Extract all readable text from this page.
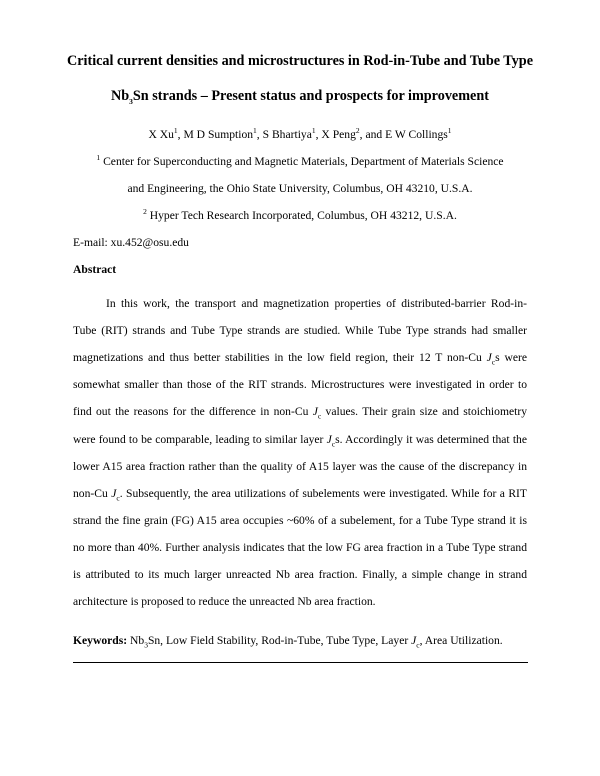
Critical current densities and microstructures in Rod-in-Tube and Tube Type
$Nb_3Sn$ strands – Present status and prospects for improvement
X Xu$^1$, M D Sumption$^1$, S Bhartiya$^1$, X Peng$^2$, and E W Collings$^1$
$^1$ Center for Superconducting and Magnetic Materials, Department of Materials Science
and Engineering, the Ohio State University, Columbus, OH 43210, U.S.A.
$^2$ Hyper Tech Research Incorporated, Columbus, OH 43212, U.S.A.
E-mail: xu.452@osu.edu
Abstract
In this work, the transport and magnetization properties of distributed-barrier Rod-in-
Tube (RIT) strands and Tube Type strands are studied. While Tube Type strands had smaller
magnetizations and thus better stabilities in the low field region, their 12 T non-Cu $J_cs$ were
somewhat smaller than those of the RIT strands. Microstructures were investigated in order to
find out the reasons for the difference in non-Cu $J_c$ values. Their grain size and stoichiometry
were found to be comparable, leading to similar layer $J_cs$. Accordingly it was determined that the
lower A15 area fraction rather than the quality of A15 layer was the cause of the discrepancy in
non-Cu $J_c$. Subsequently, the area utilizations of subelements were investigated. While for a RIT
strand the fine grain (FG) A15 area occupies ~60% of a subelement, for a Tube Type strand it is
no more than 40%. Further analysis indicates that the low FG area fraction in a Tube Type strand
is attributed to its much larger unreacted Nb area fraction. Finally, a simple change in strand
architecture is proposed to reduce the unreacted Nb area fraction.
Keywords: $Nb_3Sn$, Low Field Stability, Rod-in-Tube, Tube Type, Layer $J_c$, Area Utilization.
